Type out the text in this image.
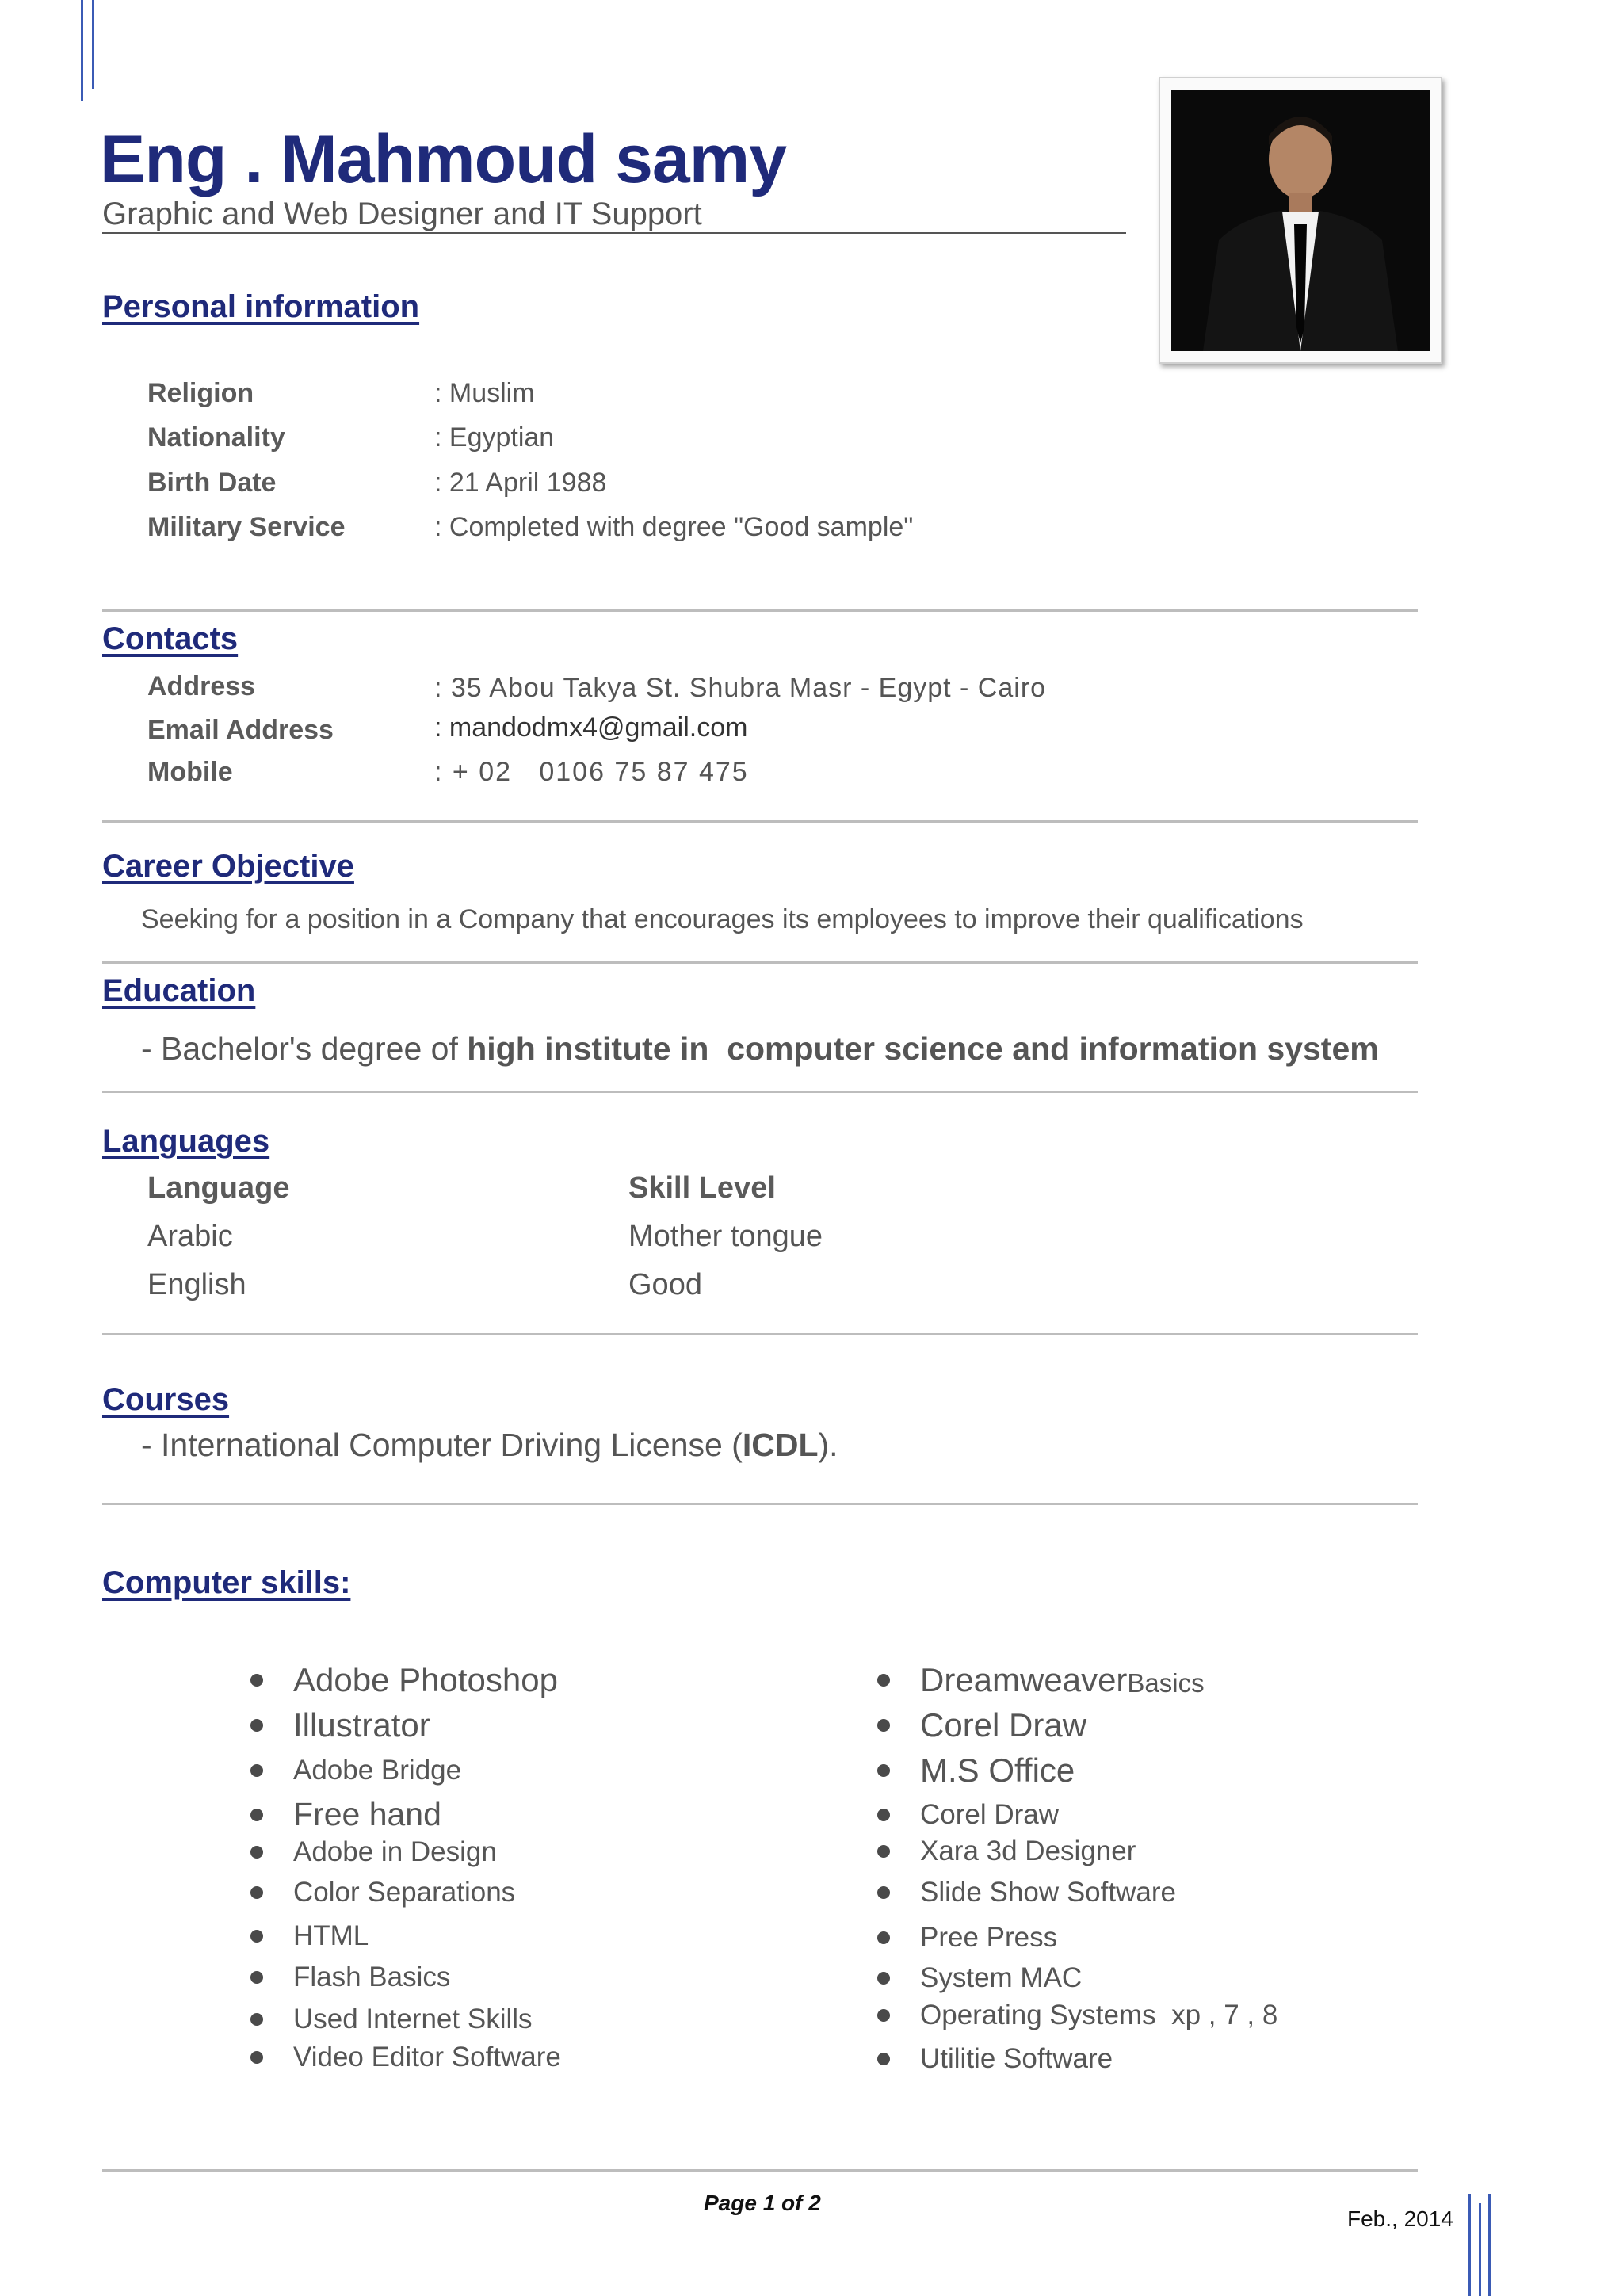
Eng . Mahmoud samy
Graphic and Web Designer and IT Support
Personal information
Religion	: Muslim
Nationality	: Egyptian
Birth Date	: 21 April 1988
Military Service	: Completed with degree "Good sample"
Contacts
Address	: 35 Abou Takya St. Shubra Masr - Egypt - Cairo
Email Address	: mandodmx4@gmail.com
Mobile	: + 02   0106 75 87 475
Career Objective
Seeking for a position in a Company that encourages its employees to improve their qualifications
Education
- Bachelor's degree of high institute in  computer science and information system
Languages
Language	Skill Level
Arabic	Mother tongue
English	Good
Courses
- International Computer Driving License (ICDL).
Computer skills:
Adobe Photoshop
Illustrator
Adobe Bridge
Free hand
Adobe in Design
Color Separations
HTML
Flash Basics
Used Internet Skills
Video Editor Software
Dreamweaver Basics
Corel Draw
M.S Office
Corel Draw
Xara 3d Designer
Slide Show Software
Pree Press
System MAC
Operating Systems  xp , 7 , 8
Utilitie Software
Page 1 of 2
Feb., 2014
